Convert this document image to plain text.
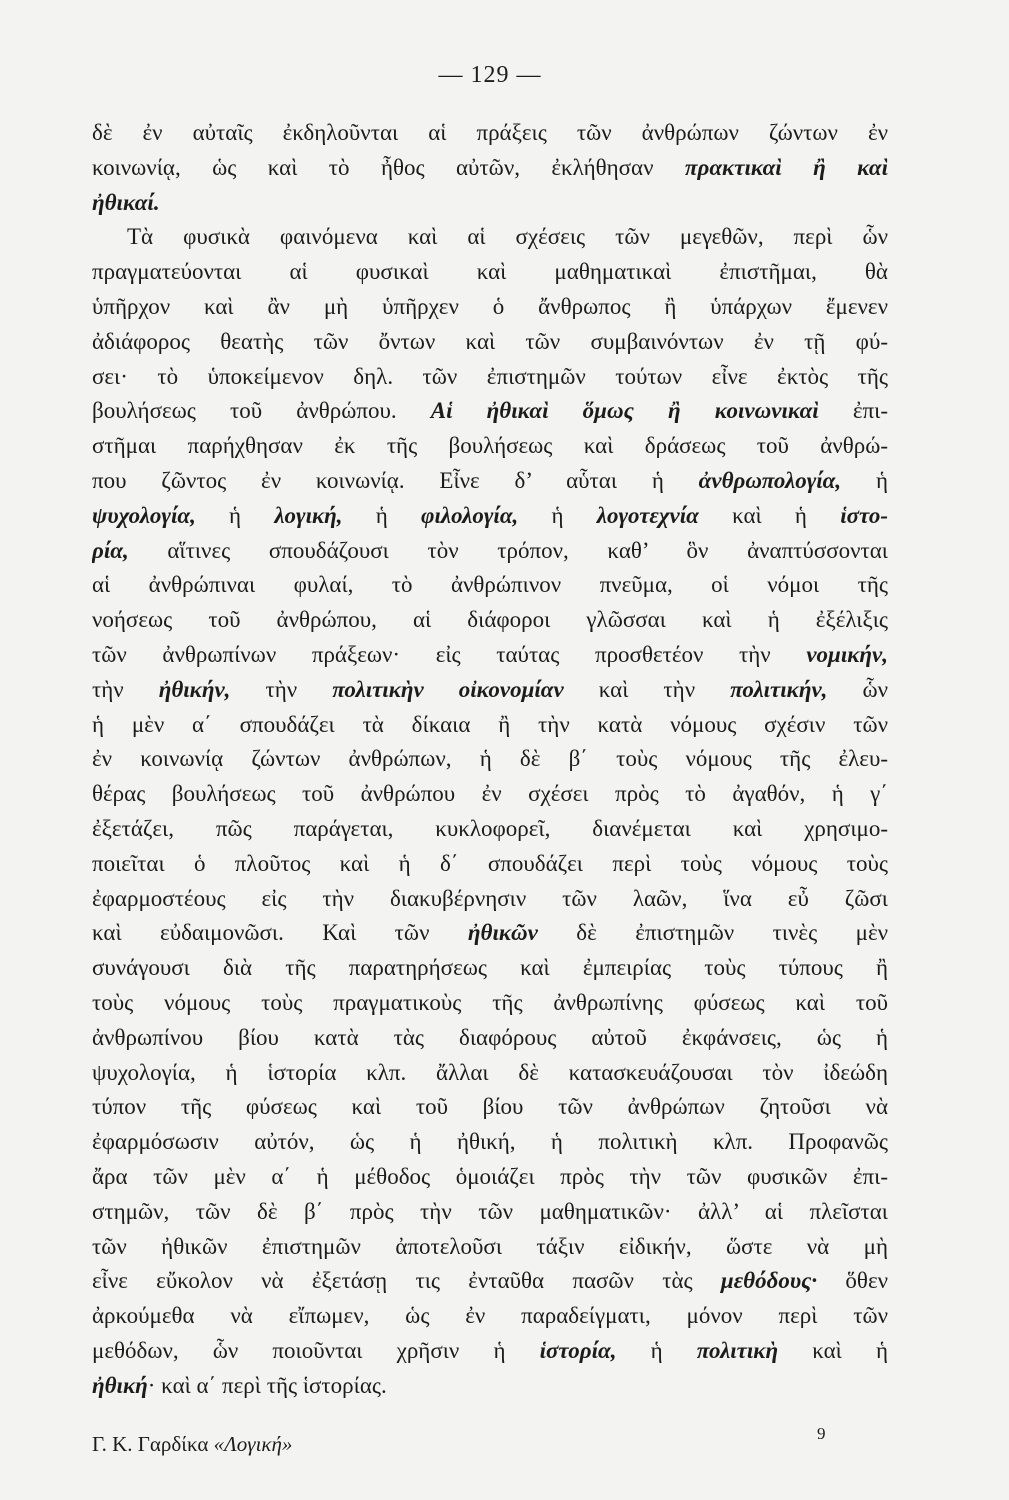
— 129 —
δὲ ἐν αὐταῖς ἐκδηλοῦνται αἱ πράξεις τῶν ἀνθρώπων ζώντων ἐν
κοινωνίᾳ, ὡς καὶ τὸ ἦθος αὐτῶν, ἐκλήθησαν πρακτικαὶ ἢ καὶ
ἠθικαί.
Τὰ φυσικὰ φαινόμενα καὶ αἱ σχέσεις τῶν μεγεθῶν, περὶ ὧν
πραγματεύονται αἱ φυσικαὶ καὶ μαθηματικαὶ ἐπιστῆμαι, θὰ
ὑπῆρχον καὶ ἂν μὴ ὑπῆρχεν ὁ ἄνθρωπος ἢ ὑπάρχων ἔμενεν
ἀδιάφορος θεατὴς τῶν ὄντων καὶ τῶν συμβαινόντων ἐν τῇ φύ-
σει· τὸ ὑποκείμενον δηλ. τῶν ἐπιστημῶν τούτων εἶνε ἐκτὸς τῆς
βουλήσεως τοῦ ἀνθρώπου. Αἱ ἠθικαὶ ὅμως ἢ κοινωνικαὶ ἐπι-
στῆμαι παρήχθησαν ἐκ τῆς βουλήσεως καὶ δράσεως τοῦ ἀνθρώ-
που ζῶντος ἐν κοινωνίᾳ. Εἶνε δ’ αὗται ἡ ἀνθρωπολογία, ἡ
ψυχολογία, ἡ λογική, ἡ φιλολογία, ἡ λογοτεχνία καὶ ἡ ἱστο-
ρία, αἵτινες σπουδάζουσι τὸν τρόπον, καθ’ ὃν ἀναπτύσσονται
αἱ ἀνθρώπιναι φυλαί, τὸ ἀνθρώπινον πνεῦμα, οἱ νόμοι τῆς
νοήσεως τοῦ ἀνθρώπου, αἱ διάφοροι γλῶσσαι καὶ ἡ ἐξέλιξις
τῶν ἀνθρωπίνων πράξεων· εἰς ταύτας προσθετέον τὴν νομικήν,
τὴν ἠθικήν, τὴν πολιτικὴν οἰκονομίαν καὶ τὴν πολιτικήν, ὧν
ἡ μὲν α΄ σπουδάζει τὰ δίκαια ἢ τὴν κατὰ νόμους σχέσιν τῶν
ἐν κοινωνίᾳ ζώντων ἀνθρώπων, ἡ δὲ β΄ τοὺς νόμους τῆς ἐλευ-
θέρας βουλήσεως τοῦ ἀνθρώπου ἐν σχέσει πρὸς τὸ ἀγαθόν, ἡ γ΄
ἐξετάζει, πῶς παράγεται, κυκλοφορεῖ, διανέμεται καὶ χρησιμο-
ποιεῖται ὁ πλοῦτος καὶ ἡ δ΄ σπουδάζει περὶ τοὺς νόμους τοὺς
ἐφαρμοστέους εἰς τὴν διακυβέρνησιν τῶν λαῶν, ἵνα εὖ ζῶσι
καὶ εὐδαιμονῶσι. Καὶ τῶν ἠθικῶν δὲ ἐπιστημῶν τινὲς μὲν
συνάγουσι διὰ τῆς παρατηρήσεως καὶ ἐμπειρίας τοὺς τύπους ἢ
τοὺς νόμους τοὺς πραγματικοὺς τῆς ἀνθρωπίνης φύσεως καὶ τοῦ
ἀνθρωπίνου βίου κατὰ τὰς διαφόρους αὐτοῦ ἐκφάνσεις, ὡς ἡ
ψυχολογία, ἡ ἱστορία κλπ. ἄλλαι δὲ κατασκευάζουσαι τὸν ἰδεώδη
τύπον τῆς φύσεως καὶ τοῦ βίου τῶν ἀνθρώπων ζητοῦσι νὰ
ἐφαρμόσωσιν αὐτόν, ὡς ἡ ἠθική, ἡ πολιτικὴ κλπ. Προφανῶς
ἄρα τῶν μὲν α΄ ἡ μέθοδος ὁμοιάζει πρὸς τὴν τῶν φυσικῶν ἐπι-
στημῶν, τῶν δὲ β΄ πρὸς τὴν τῶν μαθηματικῶν· ἀλλ’ αἱ πλεῖσται
τῶν ἠθικῶν ἐπιστημῶν ἀποτελοῦσι τάξιν εἰδικήν, ὥστε νὰ μὴ
εἶνε εὔκολον νὰ ἐξετάσῃ τις ἐνταῦθα πασῶν τὰς μεθόδους· ὅθεν
ἀρκούμεθα νὰ εἴπωμεν, ὡς ἐν παραδείγματι, μόνον περὶ τῶν
μεθόδων, ὧν ποιοῦνται χρῆσιν ἡ ἱστορία, ἡ πολιτικὴ καὶ ἡ
ἠθική· καὶ α΄ περὶ τῆς ἱστορίας.
Γ. Κ. Γαρδίκα «Λογική»	9
